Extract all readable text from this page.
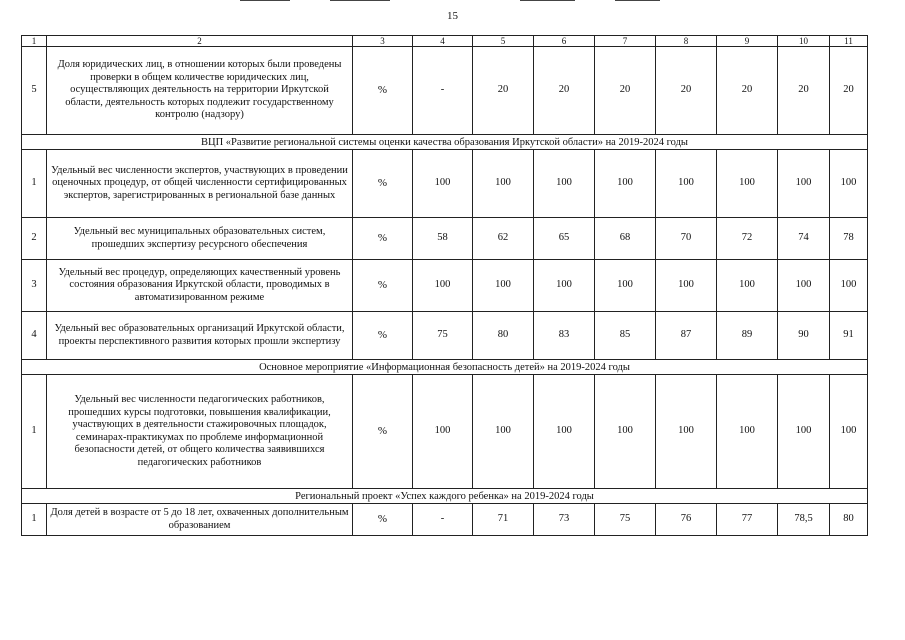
15
1	2	3	4	5	6	7	8	9	10	11
5	Доля юридических лиц, в отношении которых были проведены проверки в общем количестве юридических лиц, осуществляющих деятельность на территории Иркутской области, деятельность которых подлежит государственному контролю (надзору)	%	-	20	20	20	20	20	20	20
ВЦП «Развитие региональной системы оценки качества образования Иркутской области» на 2019-2024 годы										
1	Удельный вес численности экспертов, участвующих в проведении оценочных процедур, от общей численности сертифицированных экспертов, зарегистрированных в региональной базе данных	%	100	100	100	100	100	100	100	100
2	Удельный вес муниципальных образовательных систем, прошедших экспертизу ресурсного обеспечения	%	58	62	65	68	70	72	74	78
3	Удельный вес процедур, определяющих качественный уровень состояния образования Иркутской области, проводимых в автоматизированном режиме	%	100	100	100	100	100	100	100	100
4	Удельный вес образовательных организаций Иркутской области, проекты перспективного развития которых прошли экспертизу	%	75	80	83	85	87	89	90	91
Основное мероприятие «Информационная безопасность детей» на 2019-2024 годы										
1	Удельный вес численности педагогических работников, прошедших курсы подготовки, повышения квалификации, участвующих в деятельности стажировочных площадок, семинарах-практикумах по проблеме информационной безопасности детей, от общего количества заявившихся педагогических работников	%	100	100	100	100	100	100	100	100
Региональный проект «Успех каждого ребенка» на 2019-2024 годы										
1	Доля детей в возрасте от 5 до 18 лет, охваченных дополнительным образованием	%	-	71	73	75	76	77	78,5	80
